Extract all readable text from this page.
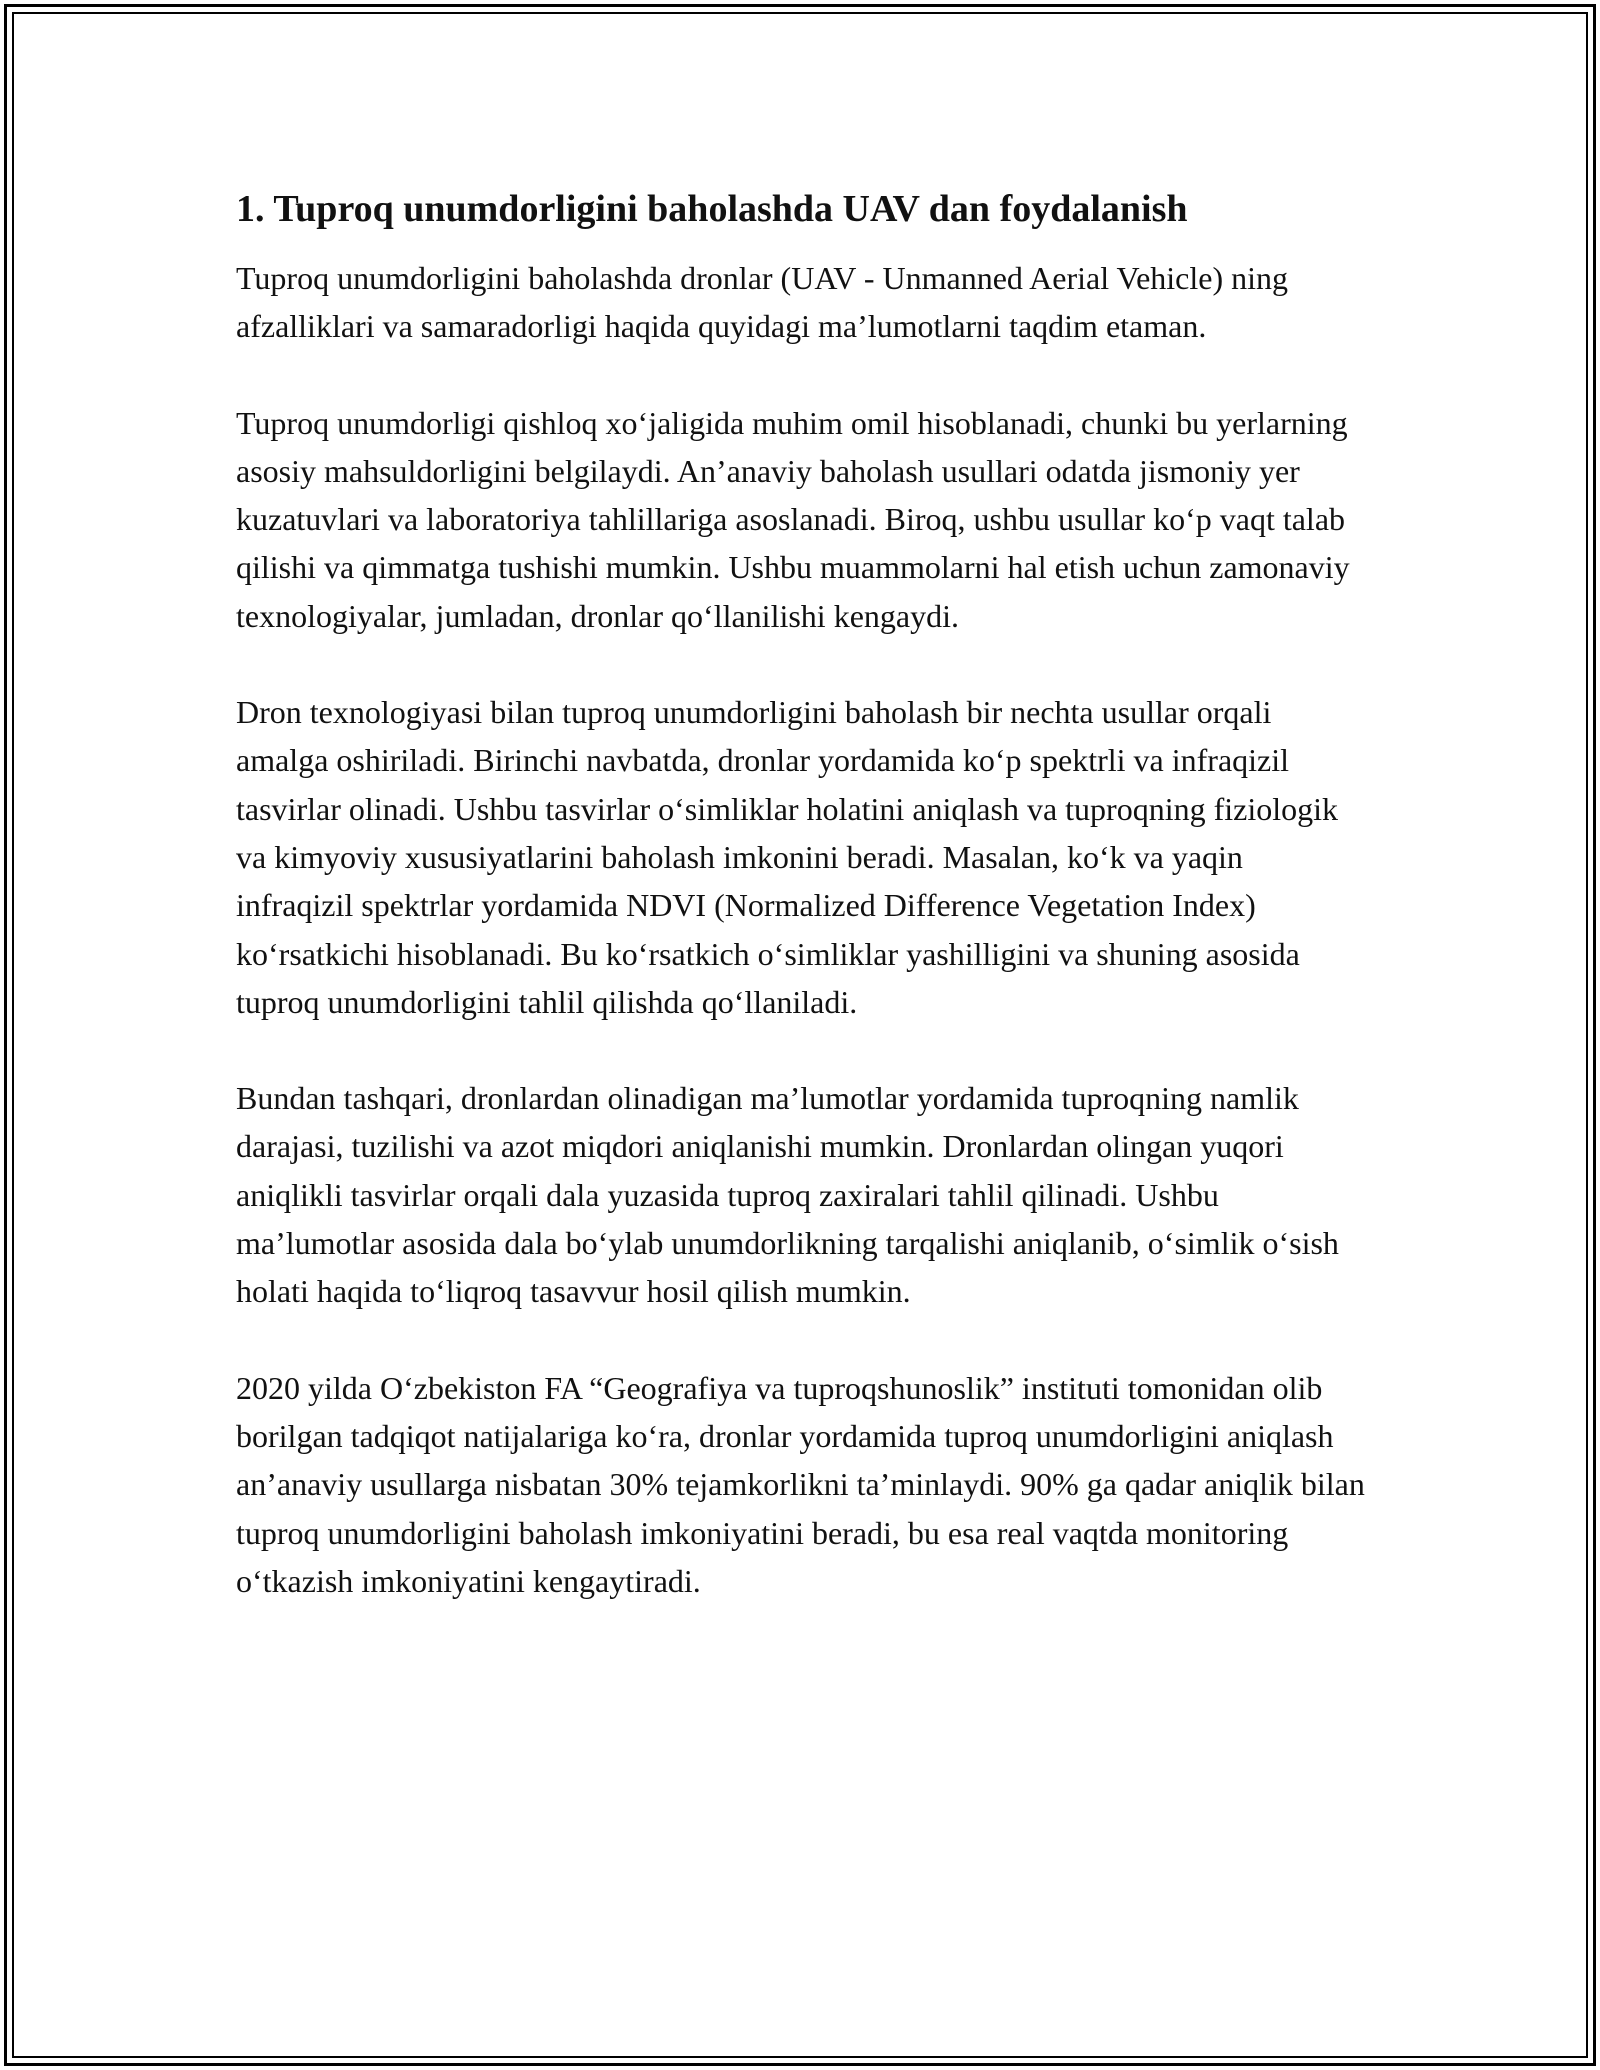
1. Tuproq unumdorligini baholashda UAV dan foydalanish

Tuproq unumdorligini baholashda dronlar (UAV - Unmanned Aerial Vehicle) ning afzalliklari va samaradorligi haqida quyidagi ma’lumotlarni taqdim etaman.

Tuproq unumdorligi qishloq xo‘jaligida muhim omil hisoblanadi, chunki bu yerlarning asosiy mahsuldorligini belgilaydi. An’anaviy baholash usullari odatda jismoniy yer kuzatuvlari va laboratoriya tahlillariga asoslanadi. Biroq, ushbu usullar ko‘p vaqt talab qilishi va qimmatga tushishi mumkin. Ushbu muammolarni hal etish uchun zamonaviy texnologiyalar, jumladan, dronlar qo‘llanilishi kengaydi.

Dron texnologiyasi bilan tuproq unumdorligini baholash bir nechta usullar orqali amalga oshiriladi. Birinchi navbatda, dronlar yordamida ko‘p spektrli va infraqizil tasvirlar olinadi. Ushbu tasvirlar o‘simliklar holatini aniqlash va tuproqning fiziologik va kimyoviy xususiyatlarini baholash imkonini beradi. Masalan, ko‘k va yaqin infraqizil spektrlar yordamida NDVI (Normalized Difference Vegetation Index) ko‘rsatkichi hisoblanadi. Bu ko‘rsatkich o‘simliklar yashilligini va shuning asosida tuproq unumdorligini tahlil qilishda qo‘llaniladi.

Bundan tashqari, dronlardan olinadigan ma’lumotlar yordamida tuproqning namlik darajasi, tuzilishi va azot miqdori aniqlanishi mumkin. Dronlardan olingan yuqori aniqlikli tasvirlar orqali dala yuzasida tuproq zaxiralari tahlil qilinadi. Ushbu ma’lumotlar asosida dala bo‘ylab unumdorlikning tarqalishi aniqlanib, o‘simlik o‘sish holati haqida to‘liqroq tasavvur hosil qilish mumkin.

2020 yilda O‘zbekiston FA “Geografiya va tuproqshunoslik” instituti tomonidan olib borilgan tadqiqot natijalariga ko‘ra, dronlar yordamida tuproq unumdorligini aniqlash an’anaviy usullarga nisbatan 30% tejamkorlikni ta’minlaydi. 90% ga qadar aniqlik bilan tuproq unumdorligini baholash imkoniyatini beradi, bu esa real vaqtda monitoring o‘tkazish imkoniyatini kengaytiradi.
